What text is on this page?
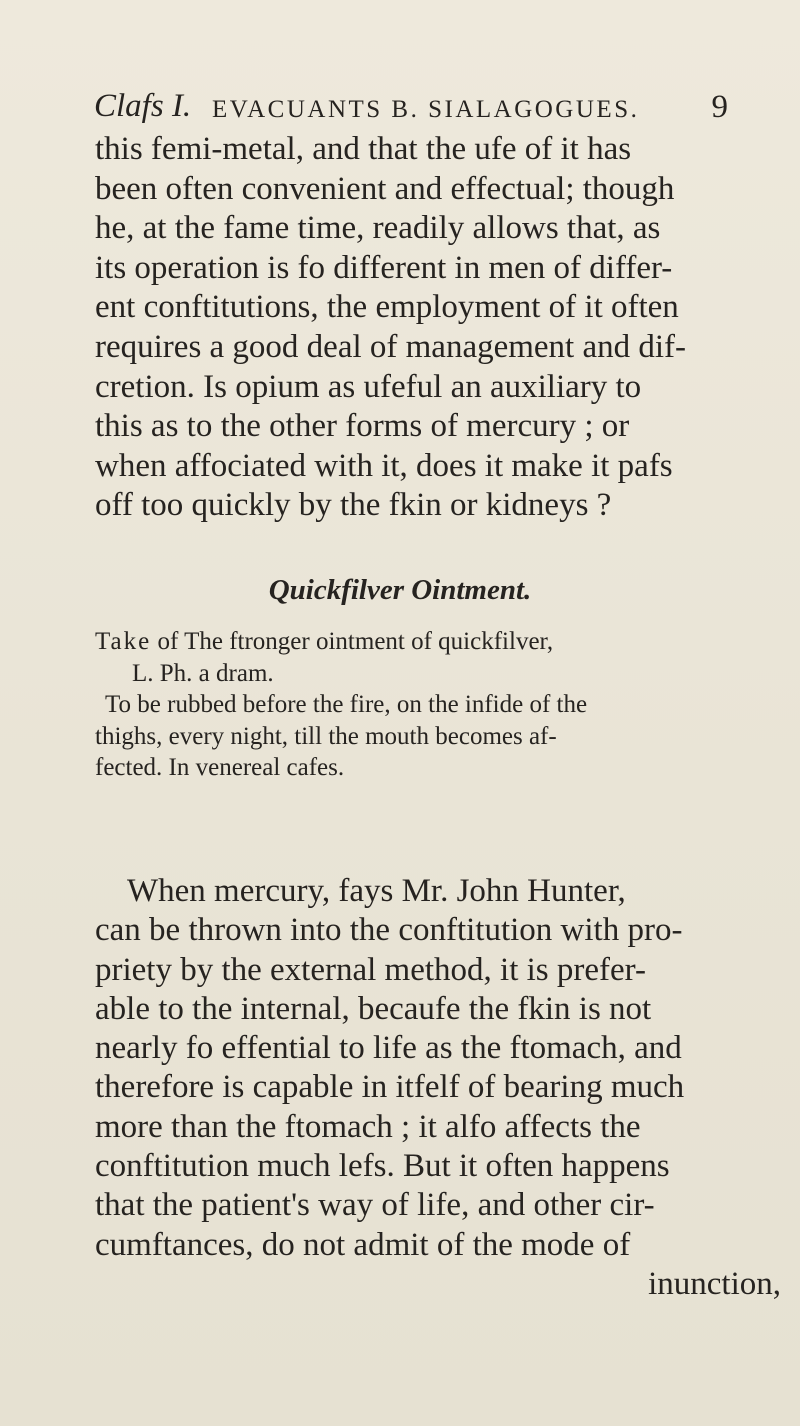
Clafs I. EVACUANTS B. SIALAGOGUES. 9
this femi-metal, and that the ufe of it has
been often convenient and effectual; though
he, at the fame time, readily allows that, as
its operation is fo different in men of differ-
ent conftitutions, the employment of it often
requires a good deal of management and dif-
cretion. Is opium as ufeful an auxiliary to
this as to the other forms of mercury ; or
when affociated with it, does it make it pafs
off too quickly by the fkin or kidneys ?
Quickfilver Ointment.
Take of The ftronger ointment of quickfilver,
L. Ph. a dram.
To be rubbed before the fire, on the infide of the
thighs, every night, till the mouth becomes af-
fected. In venereal cafes.
When mercury, fays Mr. John Hunter,
can be thrown into the conftitution with pro-
priety by the external method, it is prefer-
able to the internal, becaufe the fkin is not
nearly fo effential to life as the ftomach, and
therefore is capable in itfelf of bearing much
more than the ftomach ; it alfo affects the
conftitution much lefs. But it often happens
that the patient's way of life, and other cir-
cumftances, do not admit of the mode of
inunction,
